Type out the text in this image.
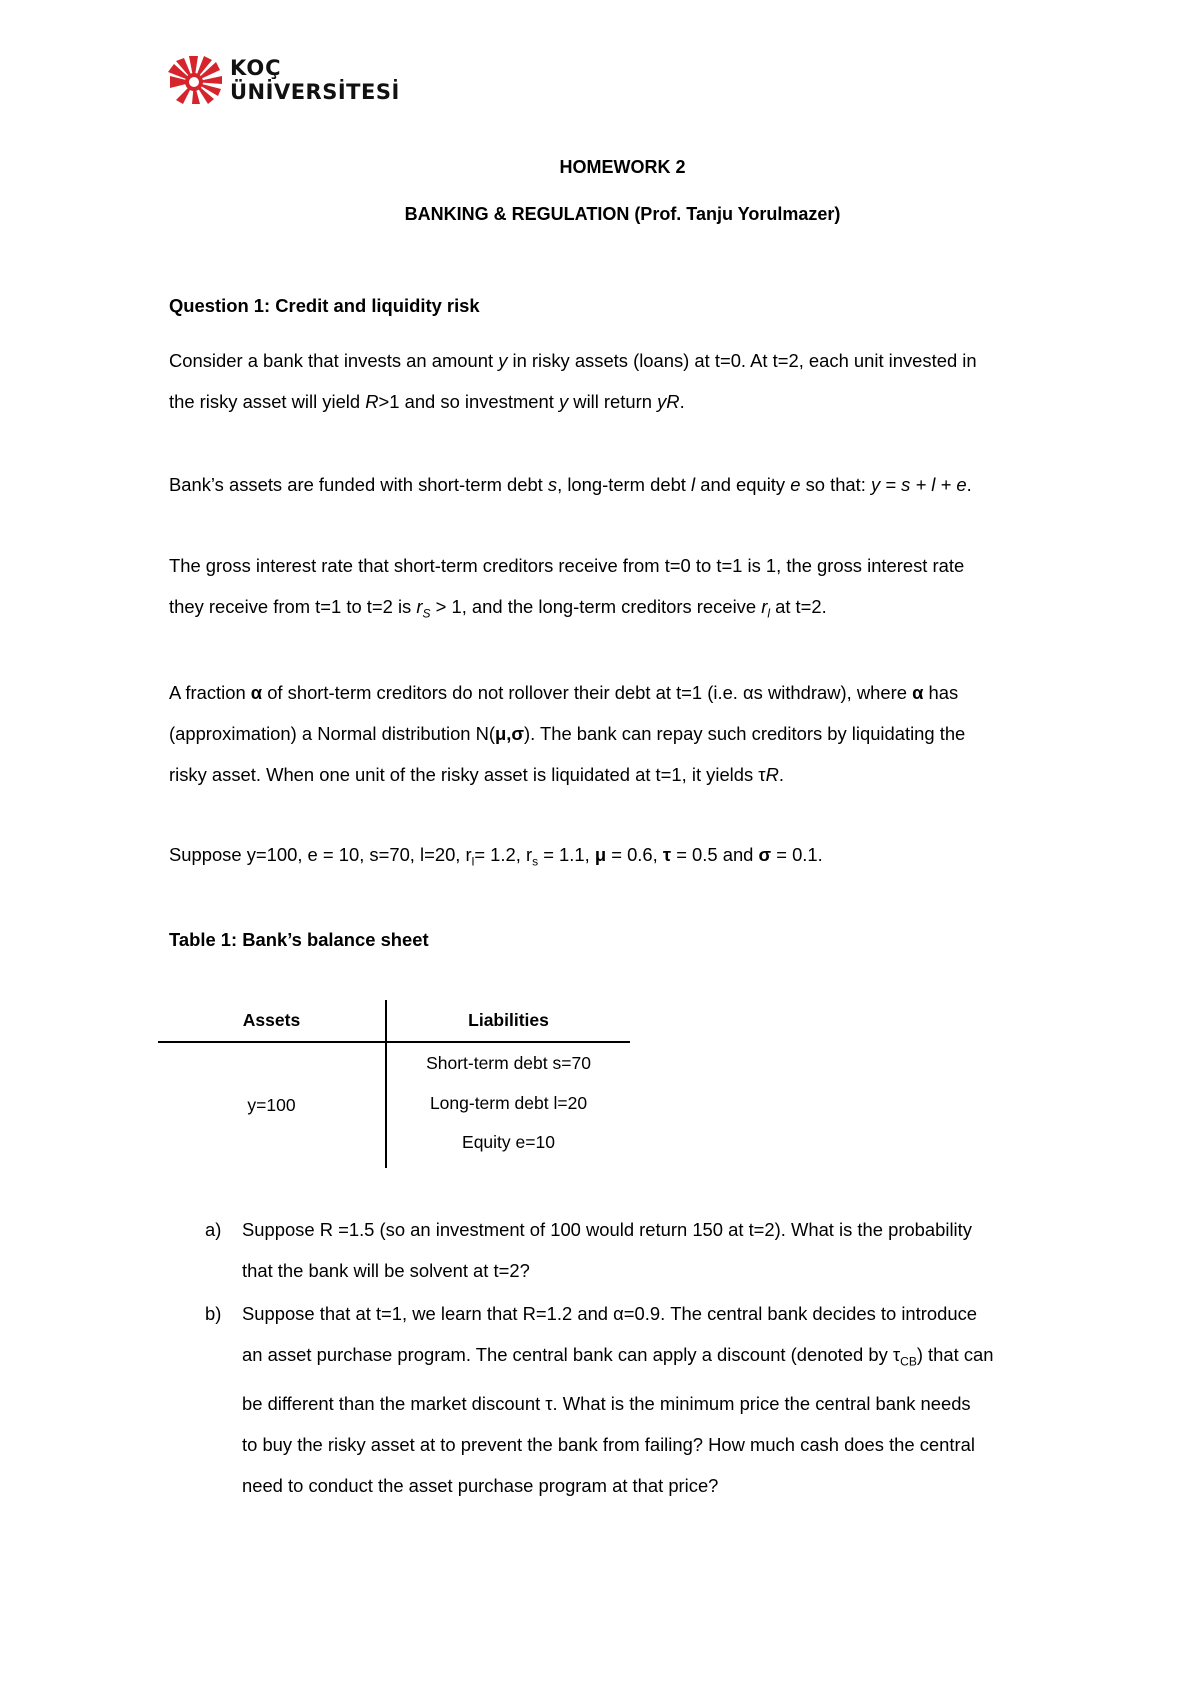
KOÇ
ÜNİVERSİTESİ
HOMEWORK 2
BANKING & REGULATION (Prof. Tanju Yorulmazer)
Question 1: Credit and liquidity risk
Consider a bank that invests an amount y in risky assets (loans) at t=0. At t=2, each unit invested in
the risky asset will yield R>1 and so investment y will return yR.
Bank’s assets are funded with short-term debt s, long-term debt l and equity e so that: y = s + l + e.
The gross interest rate that short-term creditors receive from t=0 to t=1 is 1, the gross interest rate
they receive from t=1 to t=2 is $r_S > 1$, and the long-term creditors receive $r_l$ at t=2.
A fraction α of short-term creditors do not rollover their debt at t=1 (i.e. αs withdraw), where α has
(approximation) a Normal distribution N(μ,σ). The bank can repay such creditors by liquidating the
risky asset. When one unit of the risky asset is liquidated at t=1, it yields τR.
Suppose y=100, e = 10, s=70, l=20, $r_l= 1.2$, $r_s = 1.1$, μ = 0.6, τ = 0.5 and σ = 0.1.
Table 1: Bank’s balance sheet
Assets	Liabilities
y=100	Short-term debt s=70
	Long-term debt l=20
	Equity e=10
a)	Suppose R =1.5 (so an investment of 100 would return 150 at t=2). What is the probability
that the bank will be solvent at t=2?
b)	Suppose that at t=1, we learn that R=1.2 and α=0.9. The central bank decides to introduce
an asset purchase program. The central bank can apply a discount (denoted by $\tau_{CB}$) that can
be different than the market discount τ. What is the minimum price the central bank needs
to buy the risky asset at to prevent the bank from failing? How much cash does the central
need to conduct the asset purchase program at that price?
